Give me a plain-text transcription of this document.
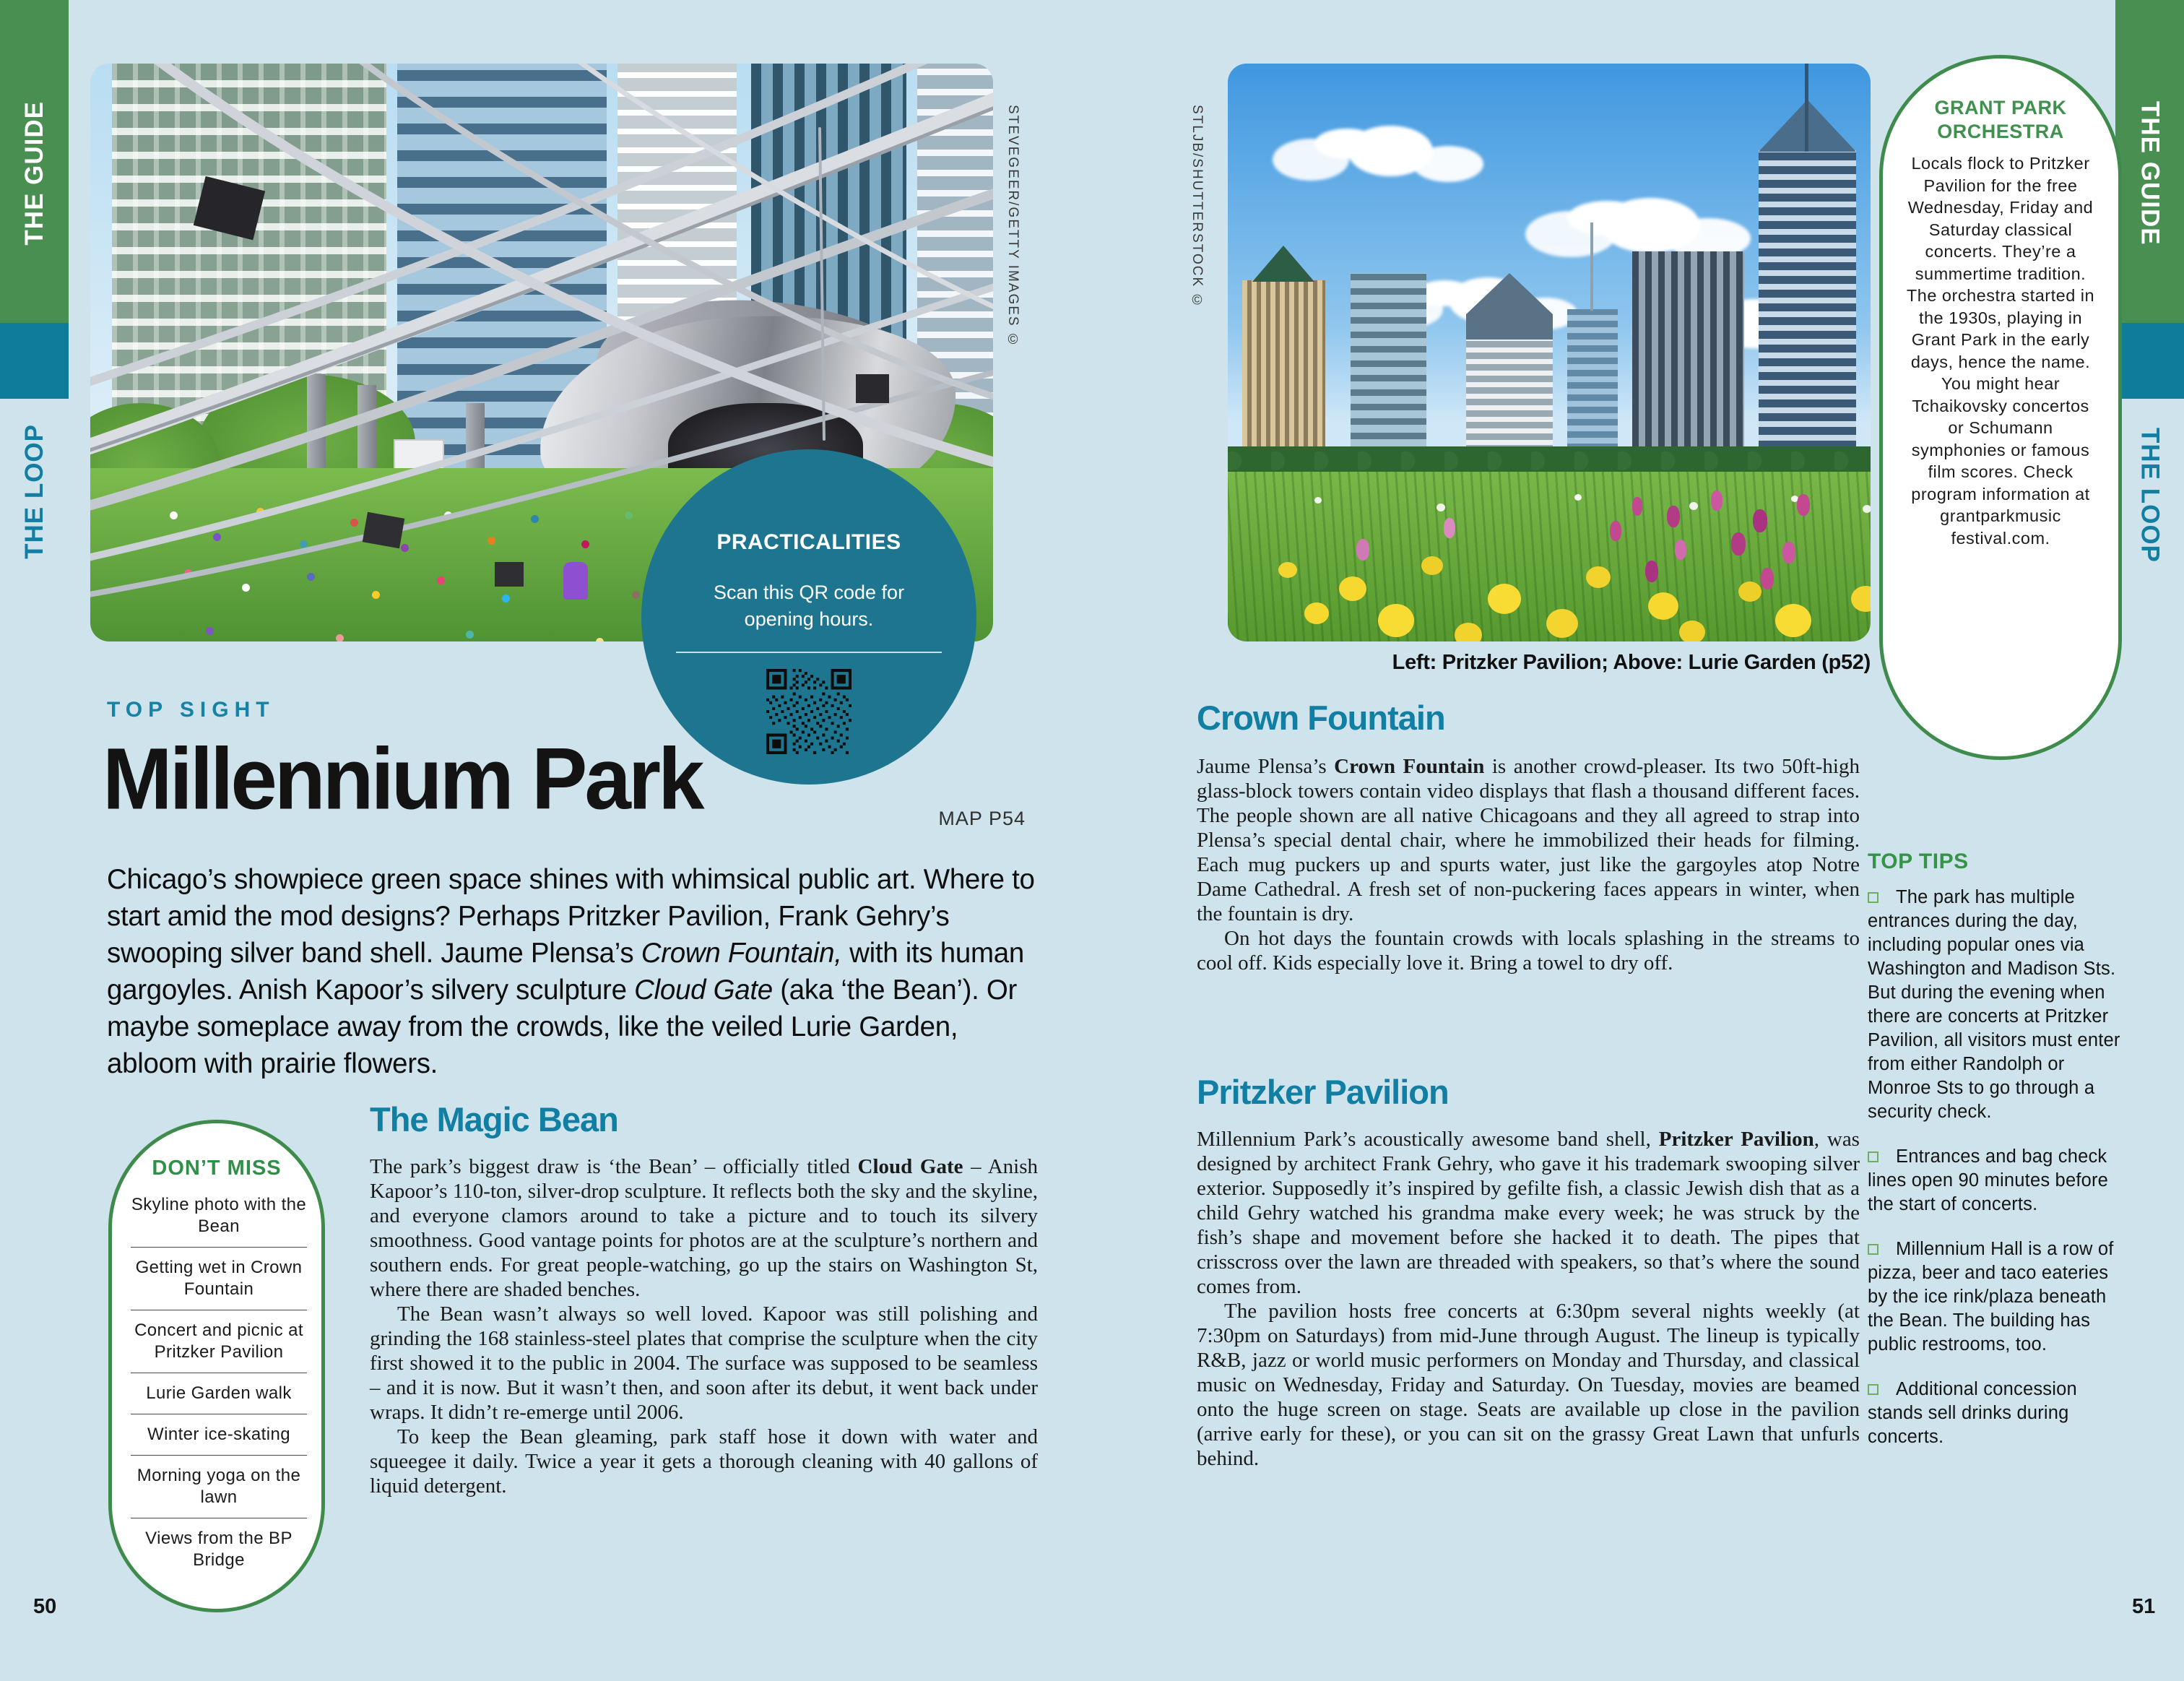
THE GUIDE
THE LOOP
THE GUIDE
THE LOOP
STEVEGEER/GETTY IMAGES ©	STLJB/SHUTTERSTOCK ©
PRACTICALITIES
Scan this QR code for
opening hours.
TOP SIGHT
Millennium Park	MAP P54

Chicago’s showpiece green space shines with whimsical public art. Where to start amid the mod designs? Perhaps Pritzker Pavilion, Frank Gehry’s swooping silver band shell. Jaume Plensa’s Crown Fountain, with its human gargoyles. Anish Kapoor’s silvery sculpture Cloud Gate (aka ‘the Bean’). Or maybe someplace away from the crowds, like the veiled Lurie Garden, abloom with prairie flowers.

DON’T MISS
Skyline photo with the Bean
Getting wet in Crown Fountain
Concert and picnic at Pritzker Pavilion
Lurie Garden walk
Winter ice-skating
Morning yoga on the lawn
Views from the BP Bridge
The Magic Bean

The park’s biggest draw is ‘the Bean’ – officially titled Cloud Gate – Anish Kapoor’s 110-ton, silver-drop sculpture. It reflects both the sky and the skyline, and everyone clamors around to take a picture and to touch its silvery smoothness. Good vantage points for photos are at the sculpture’s northern and southern ends. For great people-watching, go up the stairs on Washington St, where there are shaded benches.

The Bean wasn’t always so well loved. Kapoor was still polishing and grinding the 168 stainless-steel plates that comprise the sculpture when the city first showed it to the public in 2004. The surface was supposed to be seamless – and it is now. But it wasn’t then, and soon after its debut, it went back under wraps. It didn’t re-emerge until 2006.

To keep the Bean gleaming, park staff hose it down with water and squeegee it daily. Twice a year it gets a thorough cleaning with 40 gallons of liquid detergent.

Left: Pritzker Pavilion; Above: Lurie Garden (p52)
Crown Fountain

Jaume Plensa’s Crown Fountain is another crowd-pleaser. Its two 50ft-high glass-block towers contain video displays that flash a thousand different faces. The people shown are all native Chicagoans and they all agreed to strap into Plensa’s special dental chair, where he immobilized their heads for filming. Each mug puckers up and spurts water, just like the gargoyles atop Notre Dame Cathedral. A fresh set of non-puckering faces appears in winter, when the fountain is dry.

On hot days the fountain crowds with locals splashing in the streams to cool off. Kids especially love it. Bring a towel to dry off.

Pritzker Pavilion

Millennium Park’s acoustically awesome band shell, Pritzker Pavilion, was designed by architect Frank Gehry, who gave it his trademark swooping silver exterior. Supposedly it’s inspired by gefilte fish, a classic Jewish dish that as a child Gehry watched his grandma make every week; he was struck by the fish’s shape and movement before she hacked it to death. The pipes that crisscross over the lawn are threaded with speakers, so that’s where the sound comes from.

The pavilion hosts free concerts at 6:30pm several nights weekly (at 7:30pm on Saturdays) from mid-June through August. The lineup is typically R&B, jazz or world music performers on Monday and Thursday, and classical music on Wednesday, Friday and Saturday. On Tuesday, movies are beamed onto the huge screen on stage. Seats are available up close in the pavilion (arrive early for these), or you can sit on the grassy Great Lawn that unfurls behind.

GRANT PARK ORCHESTRA
Locals flock to Pritzker Pavilion for the free Wednesday, Friday and Saturday classical concerts. They’re a summertime tradition. The orchestra started in the 1930s, playing in Grant Park in the early days, hence the name. You might hear Tchaikovsky concertos or Schumann symphonies or famous film scores. Check program information at grantparkmusic festival.com.
TOP TIPS
The park has multiple entrances during the day, including popular ones via Washington and Madison Sts. But during the evening when there are concerts at Pritzker Pavilion, all visitors must enter from either Randolph or Monroe Sts to go through a security check.
Entrances and bag check lines open 90 minutes before the start of concerts.
Millennium Hall is a row of pizza, beer and taco eateries by the ice rink/plaza beneath the Bean. The building has public restrooms, too.
Additional concession stands sell drinks during concerts.
50	51
